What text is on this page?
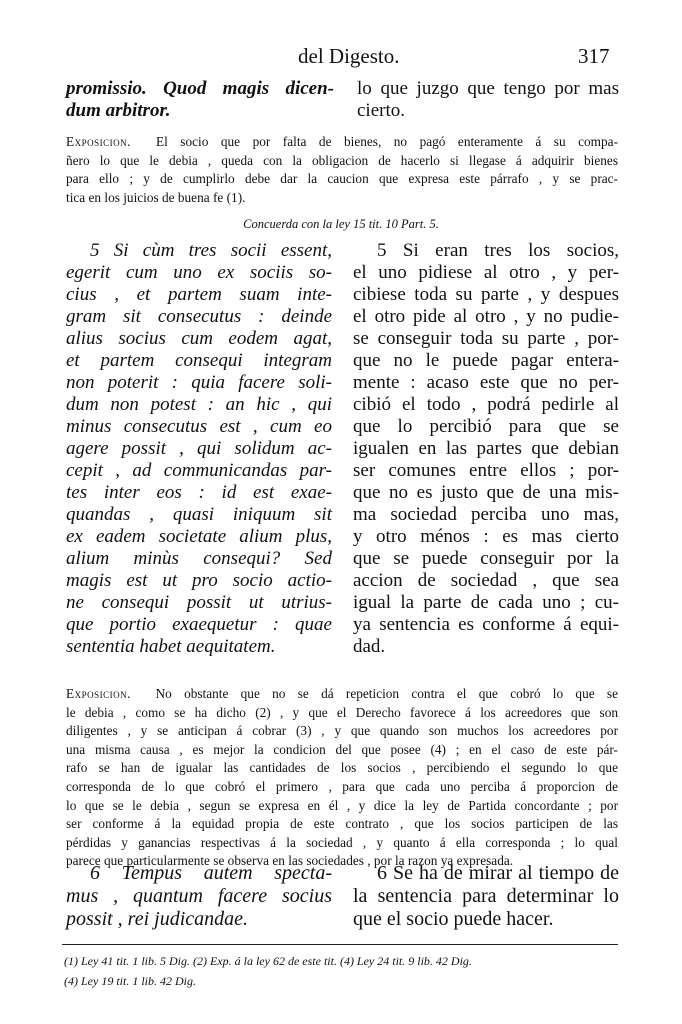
del Digesto.	317
promissio. Quod magis dicen-
dum arbitror.
lo que juzgo que tengo por mas
cierto.
Exposicion. El socio que por falta de bienes, no pagó enteramente á su compa-
ñero lo que le debia , queda con la obligacion de hacerlo si llegase á adquirir bienes
para ello ; y de cumplirlo debe dar la caucion que expresa este párrafo , y se prac-
tica en los juicios de buena fe (1).
Concuerda con la ley 15 tit. 10 Part. 5.
5 Si cùm tres socii essent,
egerit cum uno ex sociis so-
cius , et partem suam inte-
gram sit consecutus : deinde
alius socius cum eodem agat,
et partem consequi integram
non poterit : quia facere soli-
dum non potest : an hic , qui
minus consecutus est , cum eo
agere possit , qui solidum ac-
cepit , ad communicandas par-
tes inter eos : id est exae-
quandas , quasi iniquum sit
ex eadem societate alium plus,
alium minùs consequi? Sed
magis est ut pro socio actio-
ne consequi possit ut utrius-
que portio exaequetur : quae
sententia habet aequitatem.
5 Si eran tres los socios,
el uno pidiese al otro , y per-
cibiese toda su parte , y despues
el otro pide al otro , y no pudie-
se conseguir toda su parte , por-
que no le puede pagar entera-
mente : acaso este que no per-
cibió el todo , podrá pedirle al
que lo percibió para que se
igualen en las partes que debian
ser comunes entre ellos ; por-
que no es justo que de una mis-
ma sociedad perciba uno mas,
y otro ménos : es mas cierto
que se puede conseguir por la
accion de sociedad , que sea
igual la parte de cada uno ; cu-
ya sentencia es conforme á equi-
dad.
Exposicion. No obstante que no se dá repeticion contra el que cobró lo que se
le debia , como se ha dicho (2) , y que el Derecho favorece á los acreedores que son
diligentes , y se anticipan á cobrar (3) , y que quando son muchos los acreedores por
una misma causa , es mejor la condicion del que posee (4) ; en el caso de este pár-
rafo se han de igualar las cantidades de los socios , percibiendo el segundo lo que
corresponda de lo que cobró el primero , para que cada uno perciba á proporcion de
lo que se le debia , segun se expresa en él , y dice la ley de Partida concordante ; por
ser conforme á la equidad propia de este contrato , que los socios participen de las
pérdidas y ganancias respectivas á la sociedad , y quanto á ella corresponda ; lo qual
parece que particularmente se observa en las sociedades , por la razon ya expresada.
6 Tempus autem specta-
mus , quantum facere socius
possit , rei judicandae.
6 Se ha de mirar al tiempo de
la sentencia para determinar lo
que el socio puede hacer.
(1) Ley 41 tit. 1 lib. 5 Dig. (2) Exp. á la ley 62 de este tit. (4) Ley 24 tit. 9 lib. 42 Dig.
(4) Ley 19 tit. 1 lib. 42 Dig.
